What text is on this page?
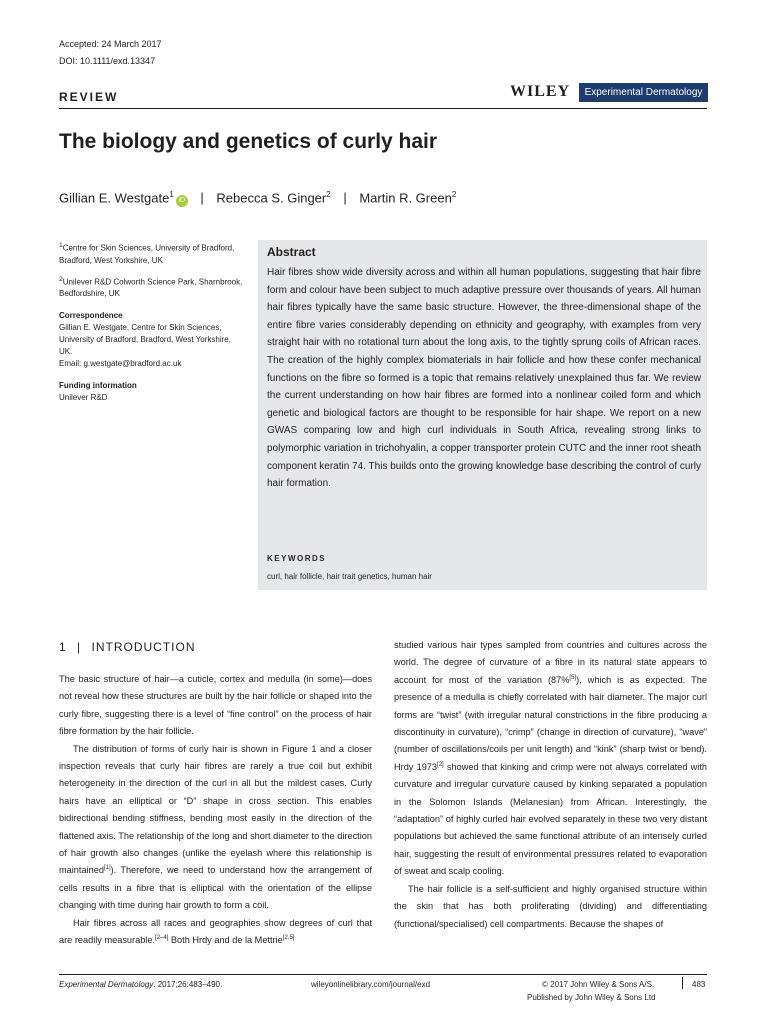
Accepted: 24 March 2017
DOI: 10.1111/exd.13347
REVIEW	WILEY	Experimental Dermatology
The biology and genetics of curly hair
Gillian E. Westgate$^1$iD | Rebecca S. Ginger$^2$ | Martin R. Green$^2$

$^1$Centre for Skin Sciences, University of Bradford, Bradford, West Yorkshire, UK

$^2$Unilever R&D Colworth Science Park, Sharnbrook, Bedfordshire, UK

Correspondence
Gillian E. Westgate, Centre for Skin Sciences, University of Bradford, Bradford, West Yorkshire, UK.
Email: g.westgate@bradford.ac.uk

Funding information
Unilever R&D

Abstract

Hair fibres show wide diversity across and within all human populations, suggesting that hair fibre form and colour have been subject to much adaptive pressure over thousands of years. All human hair fibres typically have the same basic structure. However, the three-dimensional shape of the entire fibre varies considerably depending on ethnicity and geography, with examples from very straight hair with no rotational turn about the long axis, to the tightly sprung coils of African races. The creation of the highly complex biomaterials in hair follicle and how these confer mechanical functions on the fibre so formed is a topic that remains relatively unexplained thus far. We review the current understanding on how hair fibres are formed into a nonlinear coiled form and which genetic and biological factors are thought to be responsible for hair shape. We report on a new GWAS comparing low and high curl individuals in South Africa, revealing strong links to polymorphic variation in trichohyalin, a copper transporter protein CUTC and the inner root sheath component keratin 74. This builds onto the growing knowledge base describing the control of curly hair formation.

KEYWORDS
curl, hair follicle, hair trait genetics, human hair
1 | INTRODUCTION

The basic structure of hair—a cuticle, cortex and medulla (in some)—does not reveal how these structures are built by the hair follicle or shaped into the curly fibre, suggesting there is a level of “fine control” on the process of hair fibre formation by the hair follicle.

The distribution of forms of curly hair is shown in Figure 1 and a closer inspection reveals that curly hair fibres are rarely a true coil but exhibit heterogeneity in the direction of the curl in all but the mildest cases. Curly hairs have an elliptical or “D” shape in cross section. This enables bidirectional bending stiffness, bending most easily in the direction of the flattened axis. The relationship of the long and short diameter to the direction of hair growth also changes (unlike the eyelash where this relationship is maintained[1]). Therefore, we need to understand how the arrangement of cells results in a fibre that is elliptical with the orientation of the ellipse changing with time during hair growth to form a coil.

Hair fibres across all races and geographies show degrees of curl that are readily measurable.[2–4] Both Hrdy and de la Mettrie[2,5]

studied various hair types sampled from countries and cultures across the world. The degree of curvature of a fibre in its natural state appears to account for most of the variation (87%[5]), which is as expected. The presence of a medulla is chiefly correlated with hair diameter. The major curl forms are “twist” (with irregular natural constrictions in the fibre producing a discontinuity in curvature), “crimp” (change in direction of curvature), “wave” (number of oscillations/coils per unit length) and “kink” (sharp twist or bend). Hrdy 1973[2] showed that kinking and crimp were not always correlated with curvature and irregular curvature caused by kinking separated a population in the Solomon Islands (Melanesian) from African. Interestingly, the “adaptation” of highly curled hair evolved separately in these two very distant populations but achieved the same functional attribute of an intensely curled hair, suggesting the result of environmental pressures related to evaporation of sweat and scalp cooling.

The hair follicle is a self-sufficient and highly organised structure within the skin that has both proliferating (dividing) and differentiating (functional/specialised) cell compartments. Because the shapes of

Experimental Dermatology. 2017;26:483–490.	wileyonlinelibrary.com/journal/exd	© 2017 John Wiley & Sons A/S.
Published by John Wiley & Sons Ltd
483
